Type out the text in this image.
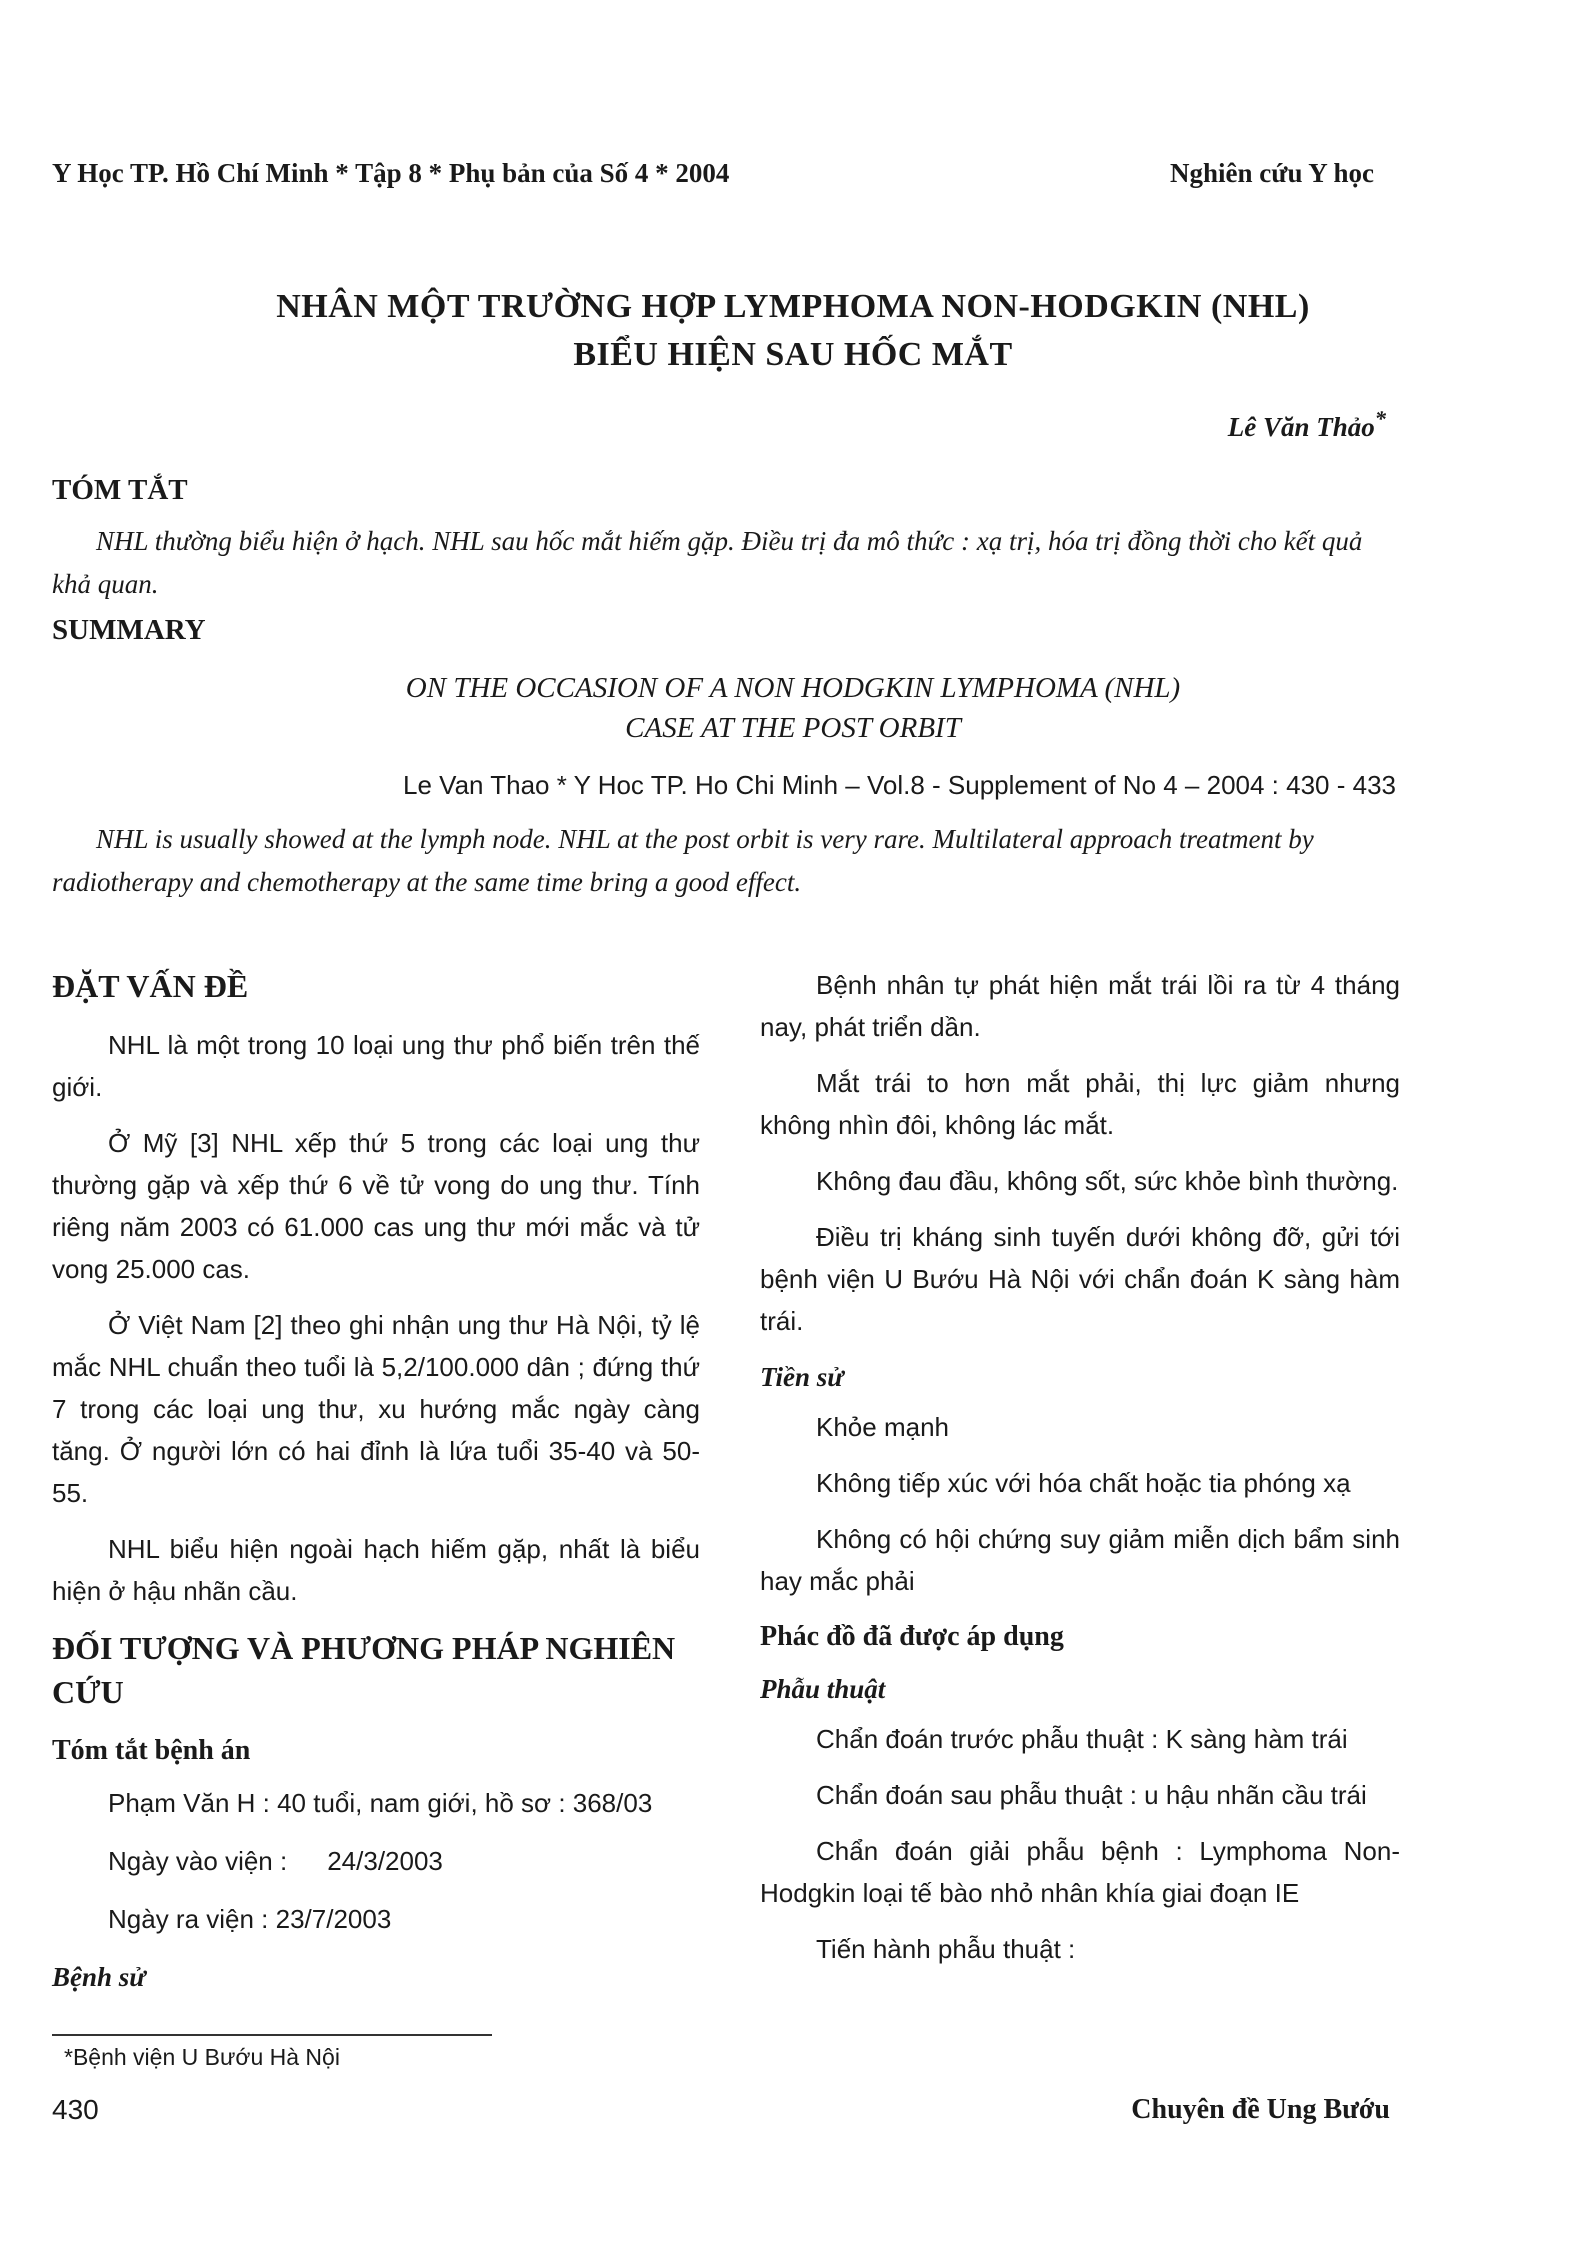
Y Học TP. Hồ Chí Minh * Tập 8 * Phụ bản của Số 4 * 2004	Nghiên cứu Y học
NHÂN MỘT TRƯỜNG HỢP LYMPHOMA NON-HODGKIN (NHL)
BIỂU HIỆN SAU HỐC MẮT
Lê Văn Thảo*
TÓM TẮT

NHL thường biểu hiện ở hạch. NHL sau hốc mắt hiếm gặp. Điều trị đa mô thức : xạ trị, hóa trị đồng thời cho kết quả khả quan.

SUMMARY
ON THE OCCASION OF A NON HODGKIN LYMPHOMA (NHL)
CASE AT THE POST ORBIT
Le Van Thao * Y Hoc TP. Ho Chi Minh – Vol.8 - Supplement of No 4 – 2004 : 430 - 433

NHL is usually showed at the lymph node. NHL at the post orbit is very rare. Multilateral approach treatment by radiotherapy and chemotherapy at the same time bring a good effect.

ĐẶT VẤN ĐỀ

NHL là một trong 10 loại ung thư phổ biến trên thế giới.

Ở Mỹ [3] NHL xếp thứ 5 trong các loại ung thư thường gặp và xếp thứ 6 về tử vong do ung thư. Tính riêng năm 2003 có 61.000 cas ung thư mới mắc và tử vong 25.000 cas.

Ở Việt Nam [2] theo ghi nhận ung thư Hà Nội, tỷ lệ mắc NHL chuẩn theo tuổi là 5,2/100.000 dân ; đứng thứ 7 trong các loại ung thư, xu hướng mắc ngày càng tăng. Ở người lớn có hai đỉnh là lứa tuổi 35-40 và 50-55.

NHL biểu hiện ngoài hạch hiếm gặp, nhất là biểu hiện ở hậu nhãn cầu.

ĐỐI TƯỢNG VÀ PHƯƠNG PHÁP NGHIÊN CỨU
Tóm tắt bệnh án
Phạm Văn H : 40 tuổi, nam giới, hồ sơ : 368/03
Ngày vào viện : 24/3/2003
Ngày ra viện : 23/7/2003
Bệnh sử

Bệnh nhân tự phát hiện mắt trái lồi ra từ 4 tháng nay, phát triển dần.

Mắt trái to hơn mắt phải, thị lực giảm nhưng không nhìn đôi, không lác mắt.

Không đau đầu, không sốt, sức khỏe bình thường.

Điều trị kháng sinh tuyến dưới không đỡ, gửi tới bệnh viện U Bướu Hà Nội với chẩn đoán K sàng hàm trái.

Tiền sử

Khỏe mạnh

Không tiếp xúc với hóa chất hoặc tia phóng xạ

Không có hội chứng suy giảm miễn dịch bẩm sinh hay mắc phải

Phác đồ đã được áp dụng
Phẫu thuật

Chẩn đoán trước phẫu thuật : K sàng hàm trái

Chẩn đoán sau phẫu thuật : u hậu nhãn cầu trái

Chẩn đoán giải phẫu bệnh : Lymphoma Non-Hodgkin loại tế bào nhỏ nhân khía giai đoạn IE

Tiến hành phẫu thuật :

*Bệnh viện U Bướu Hà Nội
430	Chuyên đề Ung Bướu
